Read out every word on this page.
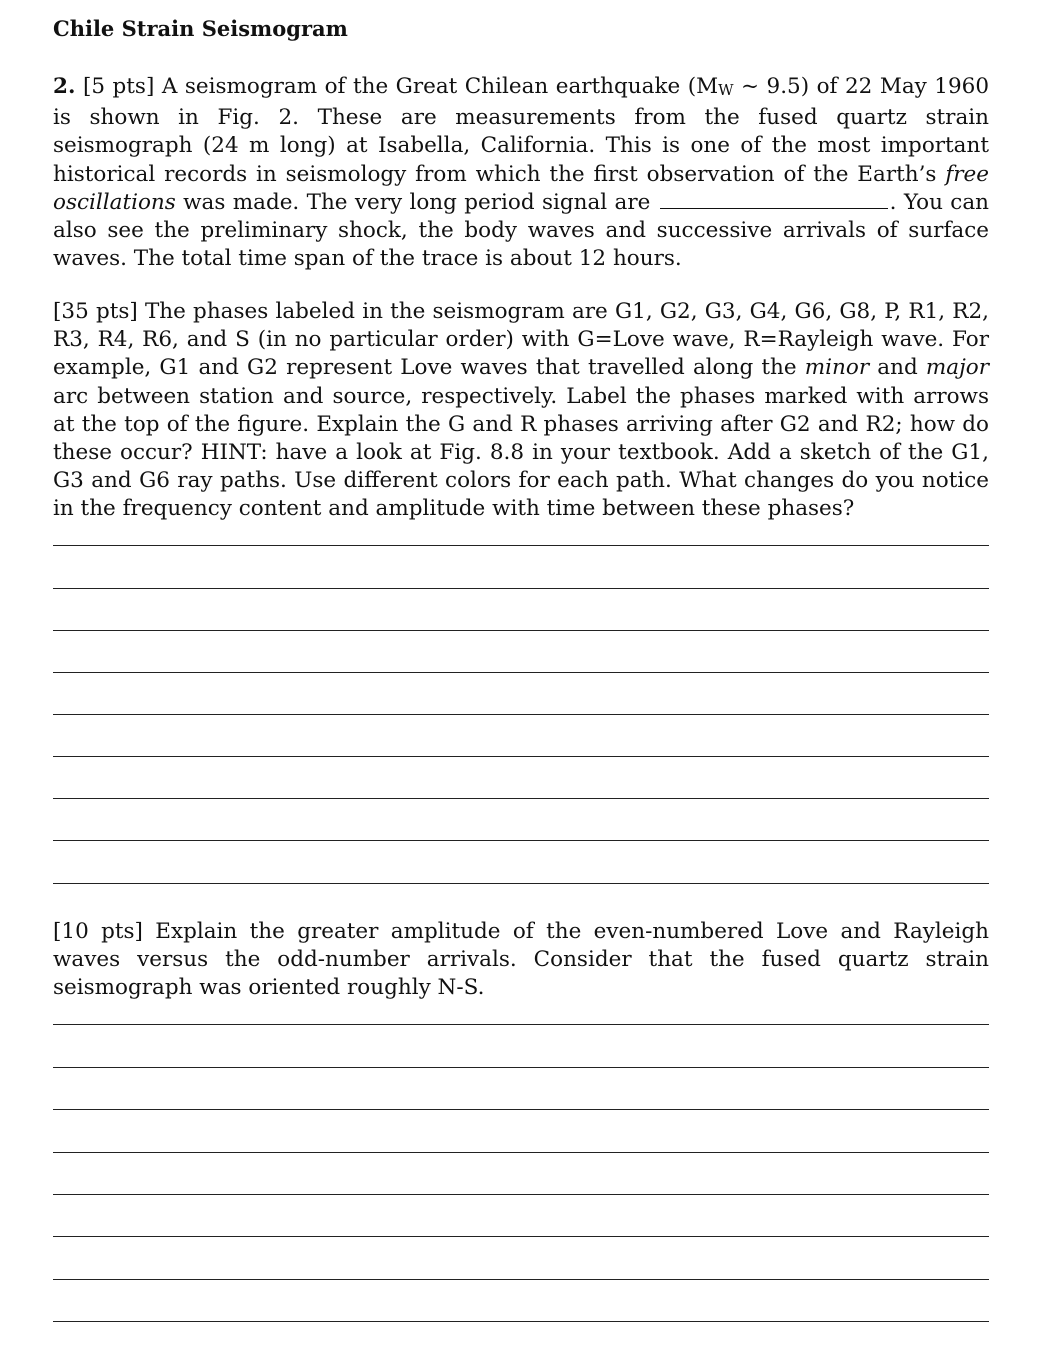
Chile Strain Seismogram

2. [5 pts] A seismogram of the Great Chilean earthquake (MW ~ 9.5) of 22 May 1960 is shown in Fig. 2. These are measurements from the fused quartz strain seismograph (24 m long) at Isabella, California. This is one of the most important historical records in seismology from which the first observation of the Earth’s free oscillations was made. The very long period signal are	. You can also see the preliminary shock, the body waves and successive arrivals of surface waves. The total time span of the trace is about 12 hours.

[35 pts] The phases labeled in the seismogram are G1, G2, G3, G4, G6, G8, P, R1, R2, R3, R4, R6, and S (in no particular order) with G=Love wave, R=Rayleigh wave. For example, G1 and G2 represent Love waves that travelled along the minor and major arc between station and source, respectively. Label the phases marked with arrows at the top of the figure. Explain the G and R phases arriving after G2 and R2; how do these occur? HINT: have a look at Fig. 8.8 in your textbook. Add a sketch of the G1, G3 and G6 ray paths. Use different colors for each path. What changes do you notice in the frequency content and amplitude with time between these phases?

[10 pts] Explain the greater amplitude of the even-numbered Love and Rayleigh waves versus the odd-number arrivals. Consider that the fused quartz strain seismograph was oriented roughly N-S.
